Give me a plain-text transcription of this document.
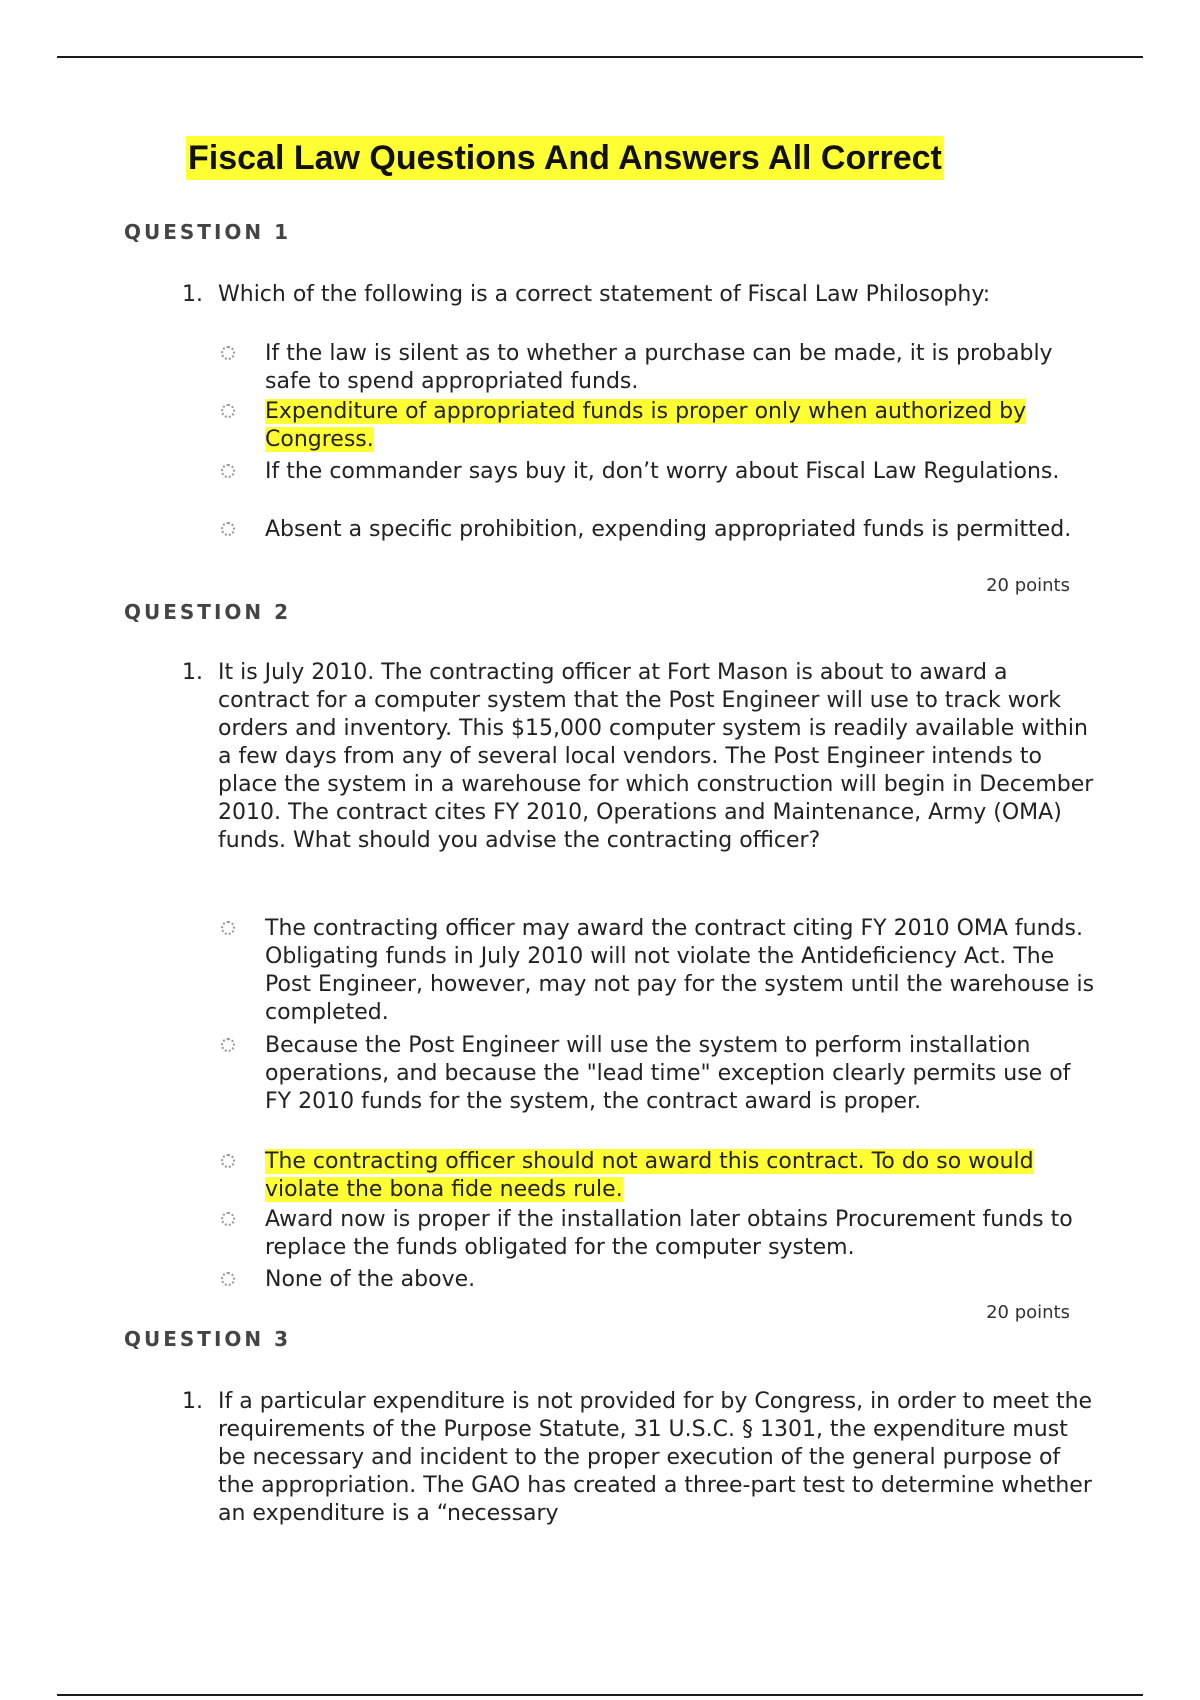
Fiscal Law Questions And Answers All Correct
QUESTION 1
1. Which of the following is a correct statement of Fiscal Law Philosophy:
If the law is silent as to whether a purchase can be made, it is probably safe to spend appropriated funds.
Expenditure of appropriated funds is proper only when authorized by Congress.
If the commander says buy it, don’t worry about Fiscal Law Regulations.
Absent a specific prohibition, expending appropriated funds is permitted.
20 points
QUESTION 2
1. It is July 2010. The contracting officer at Fort Mason is about to award a contract for a computer system that the Post Engineer will use to track work orders and inventory. This $15,000 computer system is readily available within a few days from any of several local vendors. The Post Engineer intends to place the system in a warehouse for which construction will begin in December 2010. The contract cites FY 2010, Operations and Maintenance, Army (OMA) funds. What should you advise the contracting officer?
The contracting officer may award the contract citing FY 2010 OMA funds. Obligating funds in July 2010 will not violate the Antideficiency Act. The Post Engineer, however, may not pay for the system until the warehouse is completed.
Because the Post Engineer will use the system to perform installation operations, and because the "lead time" exception clearly permits use of FY 2010 funds for the system, the contract award is proper.
The contracting officer should not award this contract. To do so would violate the bona fide needs rule.
Award now is proper if the installation later obtains Procurement funds to replace the funds obligated for the computer system.
None of the above.
20 points
QUESTION 3
1. If a particular expenditure is not provided for by Congress, in order to meet the requirements of the Purpose Statute, 31 U.S.C. § 1301, the expenditure must be necessary and incident to the proper execution of the general purpose of the appropriation. The GAO has created a three-part test to determine whether an expenditure is a “necessary
